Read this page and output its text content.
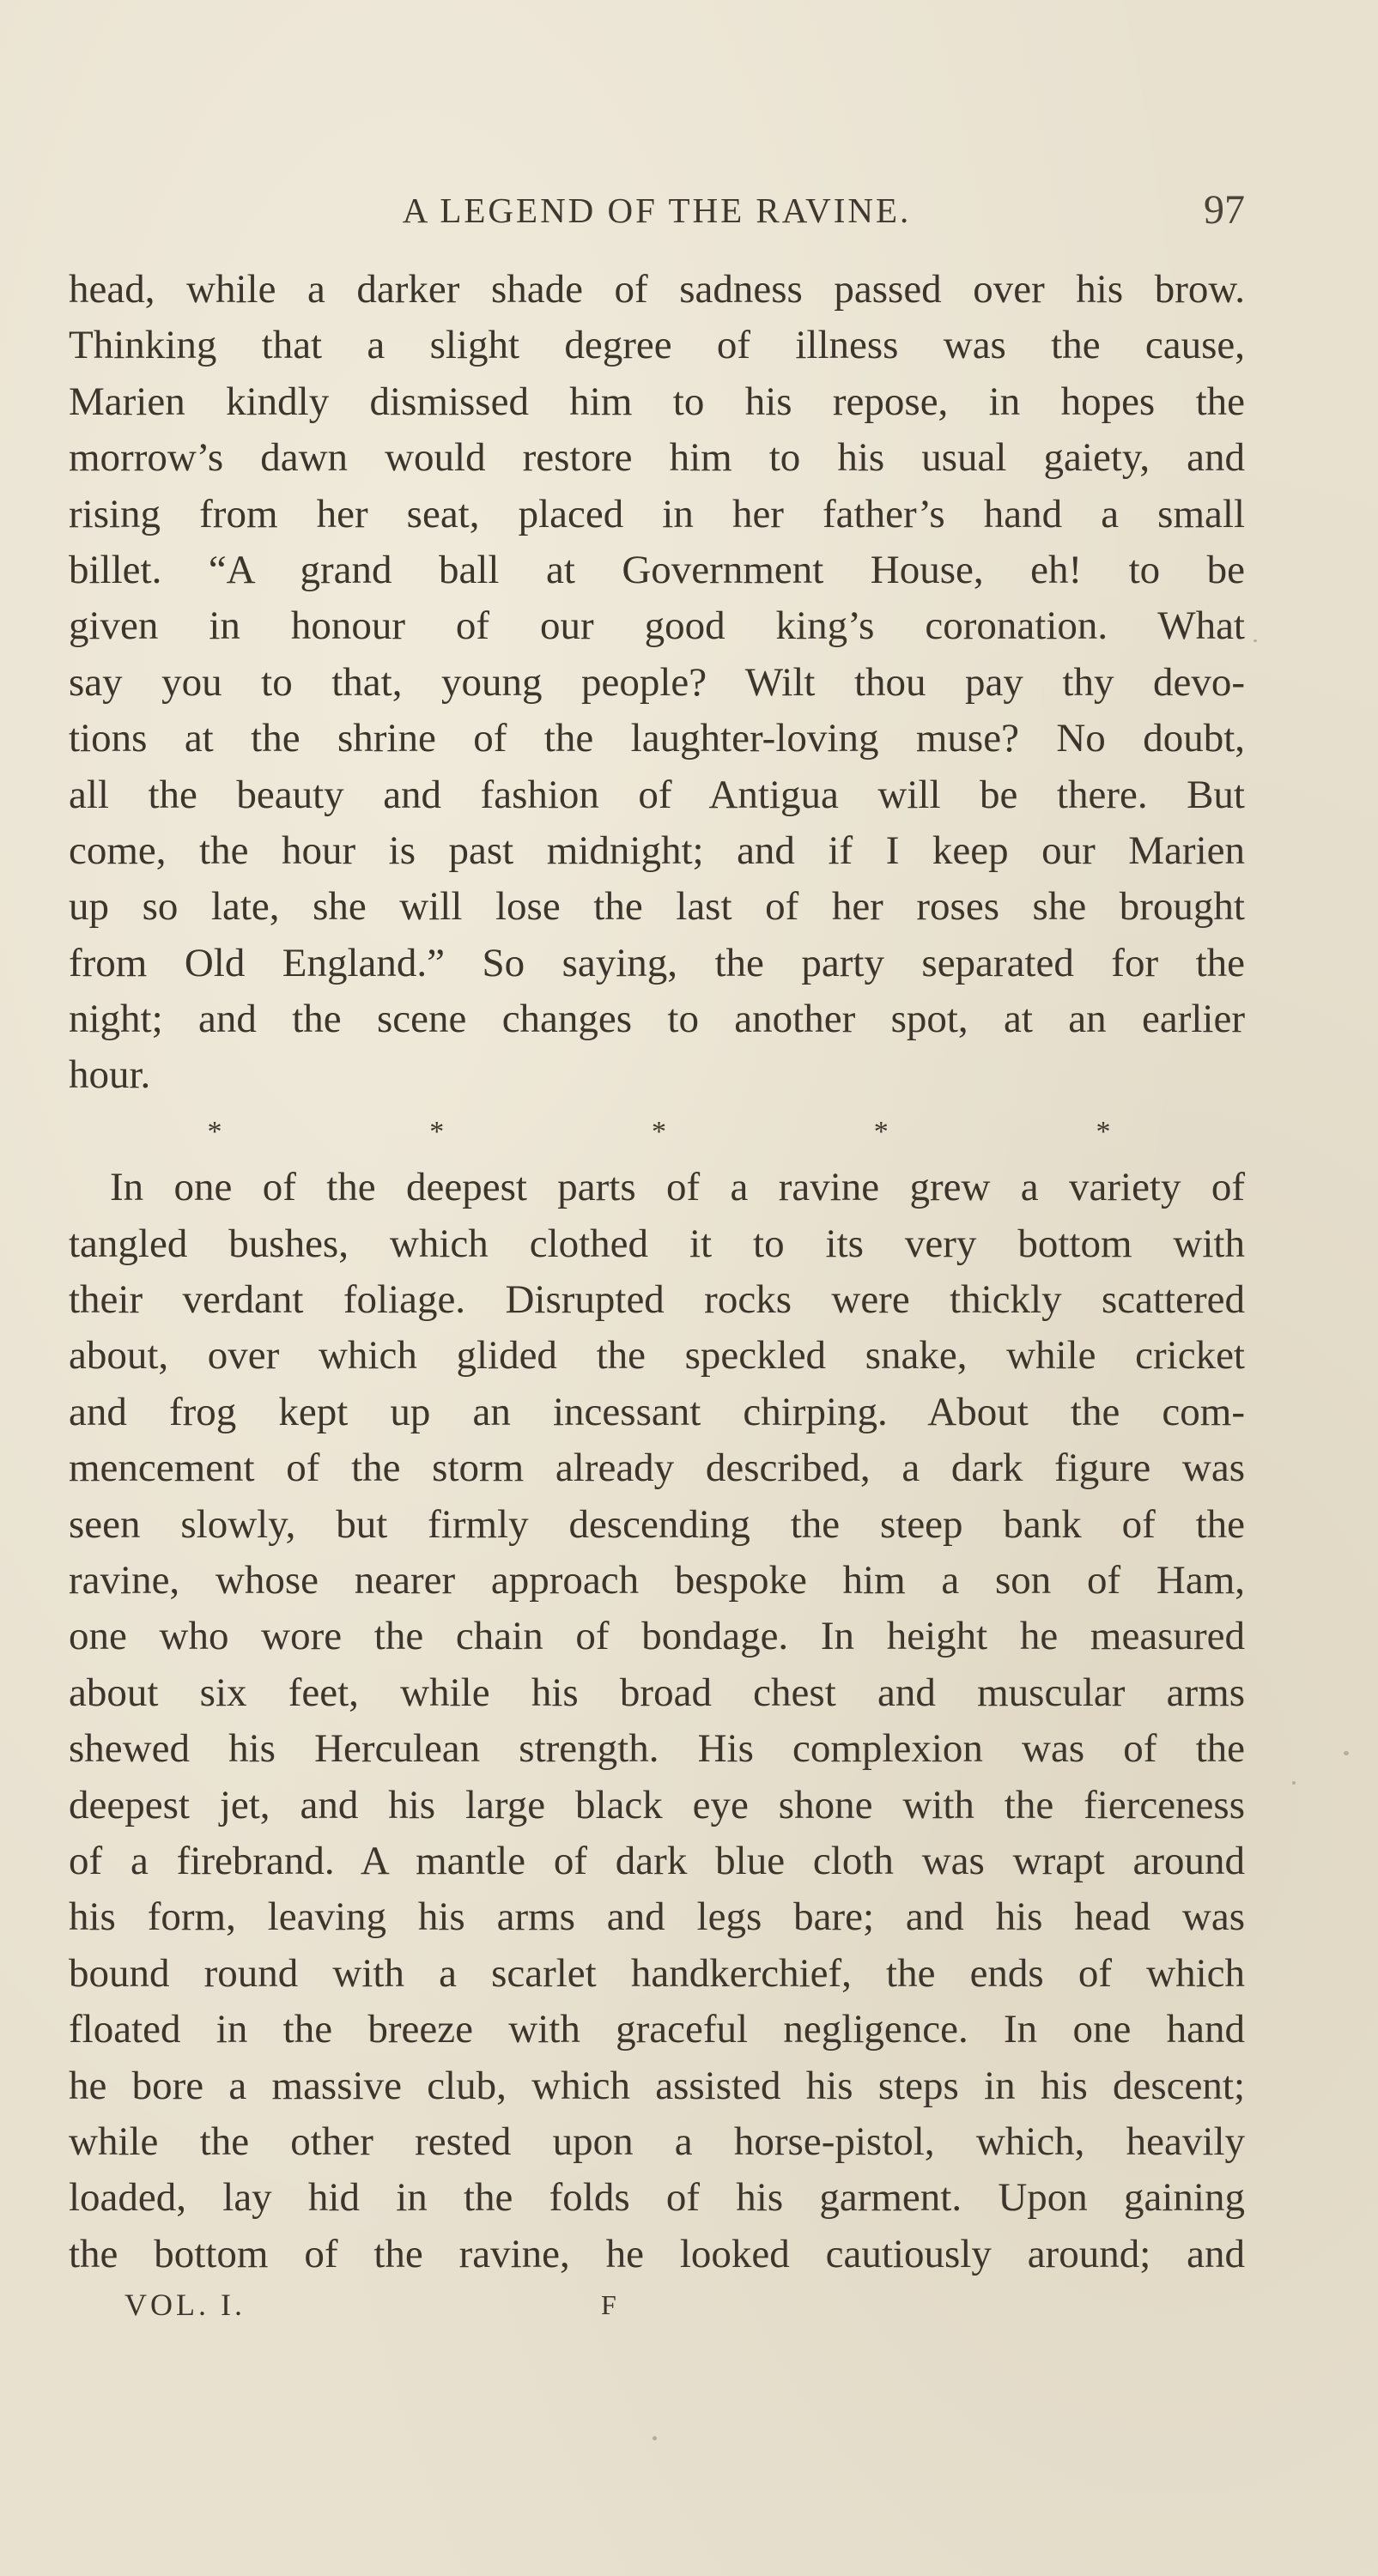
A LEGEND OF THE RAVINE.	97
head, while a darker shade of sadness passed over his brow.
Thinking that a slight degree of illness was the cause,
Marien kindly dismissed him to his repose, in hopes the
morrow’s dawn would restore him to his usual gaiety, and
rising from her seat, placed in her father’s hand a small
billet. “A grand ball at Government House, eh! to be
given in honour of our good king’s coronation. What
say you to that, young people? Wilt thou pay thy devo-
tions at the shrine of the laughter-loving muse? No doubt,
all the beauty and fashion of Antigua will be there. But
come, the hour is past midnight; and if I keep our Marien
up so late, she will lose the last of her roses she brought
from Old England.” So saying, the party separated for the
night; and the scene changes to another spot, at an earlier
hour.
*	*	*	*	*
In one of the deepest parts of a ravine grew a variety of
tangled bushes, which clothed it to its very bottom with
their verdant foliage. Disrupted rocks were thickly scattered
about, over which glided the speckled snake, while cricket
and frog kept up an incessant chirping. About the com-
mencement of the storm already described, a dark figure was
seen slowly, but firmly descending the steep bank of the
ravine, whose nearer approach bespoke him a son of Ham,
one who wore the chain of bondage. In height he measured
about six feet, while his broad chest and muscular arms
shewed his Herculean strength. His complexion was of the
deepest jet, and his large black eye shone with the fierceness
of a firebrand. A mantle of dark blue cloth was wrapt around
his form, leaving his arms and legs bare; and his head was
bound round with a scarlet handkerchief, the ends of which
floated in the breeze with graceful negligence. In one hand
he bore a massive club, which assisted his steps in his descent;
while the other rested upon a horse-pistol, which, heavily
loaded, lay hid in the folds of his garment. Upon gaining
the bottom of the ravine, he looked cautiously around; and
VOL. I.	F
